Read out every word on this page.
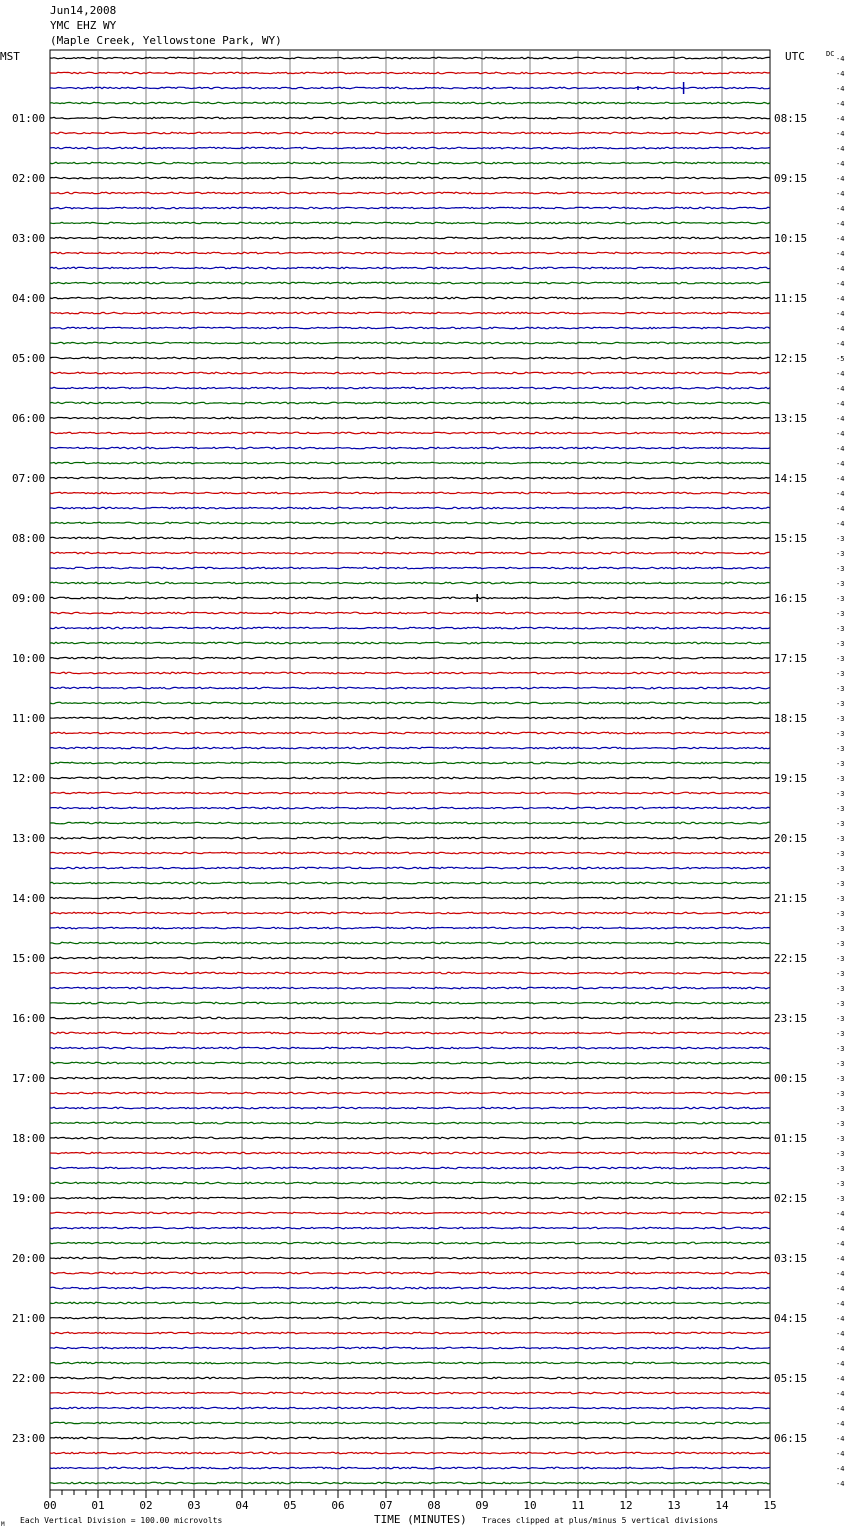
Jun14,2008
YMC EHZ WY
(Maple Creek, Yellowstone Park, WY)
MST	UTC	DC
TIME (MINUTES)
Each Vertical Division = 100.00 microvolts	Traces clipped at plus/minus 5 vertical divisions
M
01:00
02:00
03:00
04:00
05:00
06:00
07:00
08:00
09:00
10:00
11:00
12:00
13:00
14:00
15:00
16:00
17:00
18:00
19:00
20:00
21:00
22:00
23:00
08:15
09:15
10:15
11:15
12:15
13:15
14:15
15:15
16:15
17:15
18:15
19:15
20:15
21:15
22:15
23:15
00:15
01:15
02:15
03:15
04:15
05:15
06:15
-4
-4
-4
-4
-4
-4
-4
-4
-4
-4
-4
-4
-4
-4
-4
-4
-4
-4
-4
-4
-5
-4
-4
-4
-4
-4
-4
-4
-4
-4
-4
-4
-3
-3
-3
-3
-3
-3
-3
-3
-3
-3
-3
-3
-3
-3
-3
-3
-3
-3
-3
-3
-3
-3
-3
-3
-3
-3
-3
-3
-3
-3
-3
-3
-3
-3
-3
-3
-3
-3
-3
-3
-3
-3
-3
-3
-3
-4
-4
-4
-4
-4
-4
-4
-4
-4
-4
-4
-4
-4
-4
-4
-4
-4
-4
-4
00	01	02	03	04	05	06	07	08	09	10	11	12	13	14	15
